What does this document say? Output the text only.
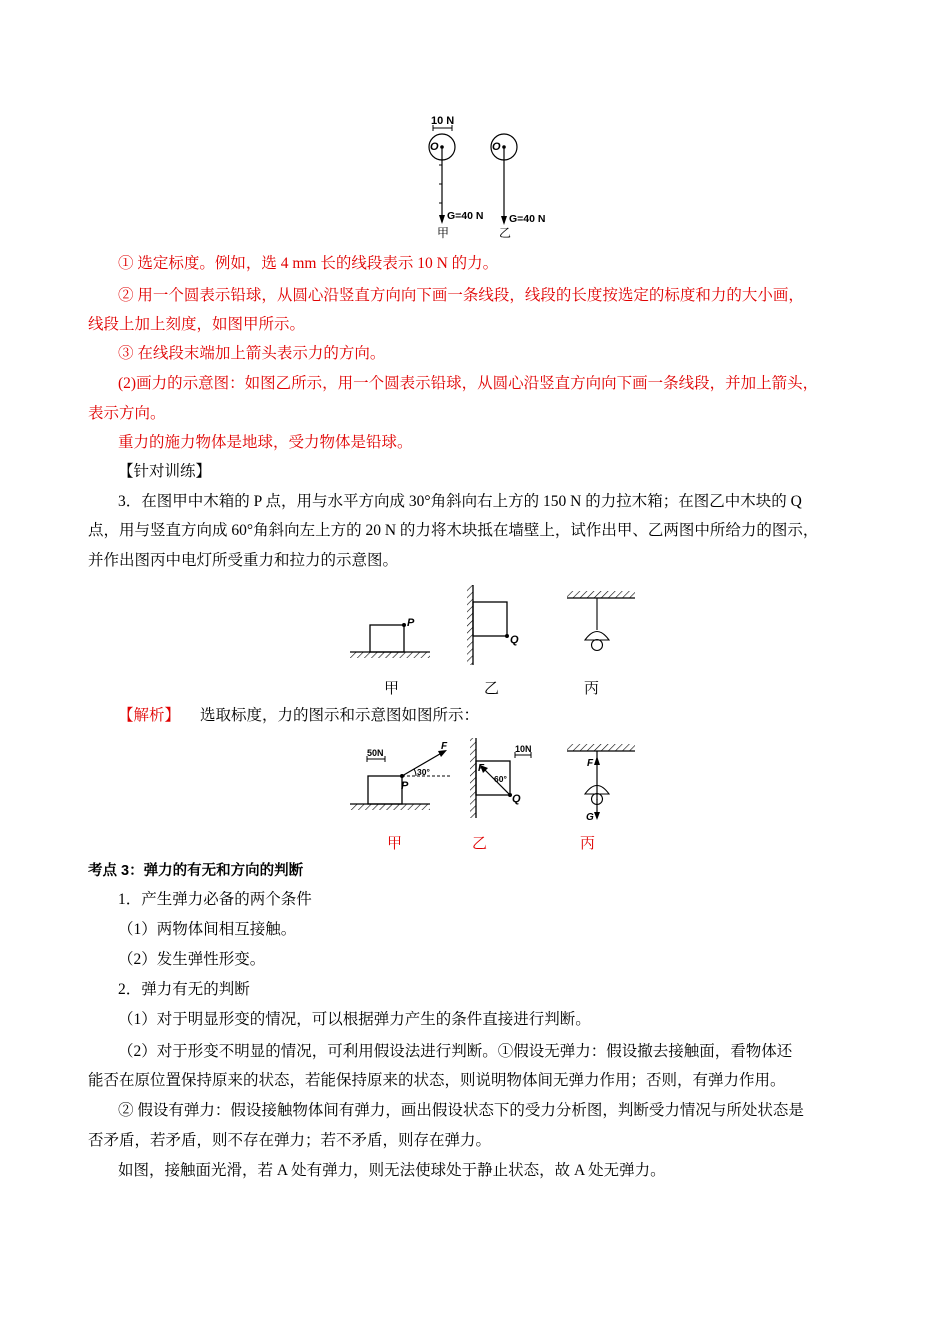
10 N
O
G=40 N
甲
O
G=40 N
乙
① 选定标度。例如，选 4 mm 长的线段表示 10 N 的力。
② 用一个圆表示铅球，从圆心沿竖直方向向下画一条线段，线段的长度按选定的标度和力的大小画，
线段上加上刻度，如图甲所示。
③ 在线段末端加上箭头表示力的方向。
(2)画力的示意图：如图乙所示，用一个圆表示铅球，从圆心沿竖直方向向下画一条线段，并加上箭头，
表示方向。
重力的施力物体是地球，受力物体是铅球。
【针对训练】
3．在图甲中木箱的 P 点，用与水平方向成 30°角斜向右上方的 150 N 的力拉木箱；在图乙中木块的 Q
点，用与竖直方向成 60°角斜向左上方的 20 N 的力将木块抵在墙壁上，试作出甲、乙两图中所给力的图示，
并作出图丙中电灯所受重力和拉力的示意图。
P
Q
甲	乙	丙
【解析】 选取标度，力的图示和示意图如图所示：
50N
F
30°
P
F
60°
Q
10N
F
G
甲	乙	丙
考点 3：弹力的有无和方向的判断
1．产生弹力必备的两个条件
（1）两物体间相互接触。
（2）发生弹性形变。
2．弹力有无的判断
（1）对于明显形变的情况，可以根据弹力产生的条件直接进行判断。
（2）对于形变不明显的情况，可利用假设法进行判断。①假设无弹力：假设撤去接触面，看物体还
能否在原位置保持原来的状态，若能保持原来的状态，则说明物体间无弹力作用；否则，有弹力作用。
② 假设有弹力：假设接触物体间有弹力，画出假设状态下的受力分析图，判断受力情况与所处状态是
否矛盾，若矛盾，则不存在弹力；若不矛盾，则存在弹力。
如图，接触面光滑，若 A 处有弹力，则无法使球处于静止状态，故 A 处无弹力。
